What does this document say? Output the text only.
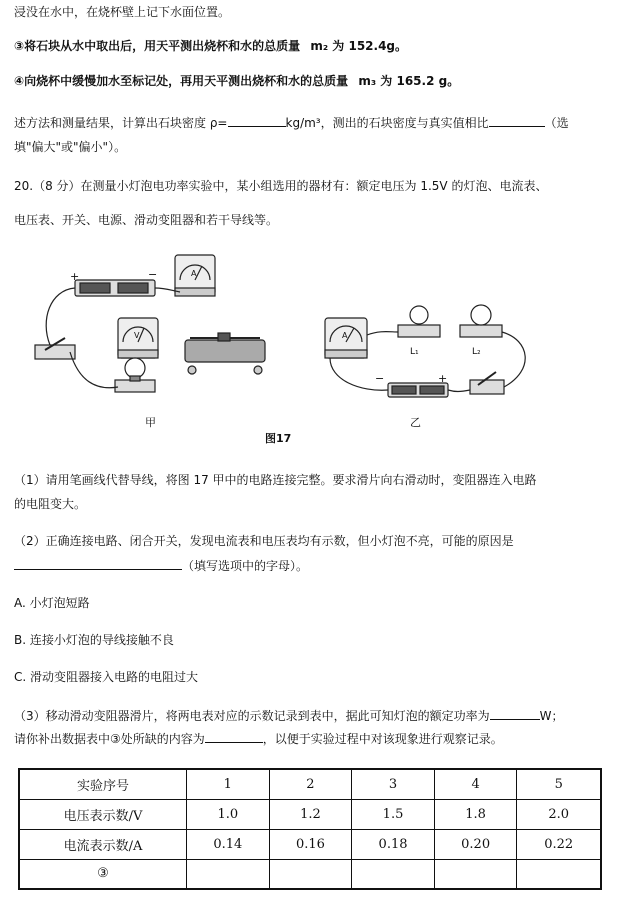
浸没在水中，在烧杯壁上记下水面位置。
③将石块从水中取出后，用天平测出烧杯和水的总质量 m₂ 为 152.4g。
④向烧杯中缓慢加水至标记处，再用天平测出烧杯和水的总质量 m₃ 为 165.2 g。
述方法和测量结果，计算出石块密度 ρ=	kg/m³，测出的石块密度与真实值相比	（选
填"偏大"或"偏小"）。
20.（8 分）在测量小灯泡电功率实验中，某小组选用的器材有：额定电压为 1.5V 的灯泡、电流表、
电压表、开关、电源、滑动变阻器和若干导线等。
+	−	A
V	A
−	+
L₁	L₂
甲	乙
图17
（1）请用笔画线代替导线，将图 17 甲中的电路连接完整。要求滑片向右滑动时，变阻器连入电路
的电阻变大。
（2）正确连接电路、闭合开关，发现电流表和电压表均有示数，但小灯泡不亮，可能的原因是
（填写选项中的字母）。
A. 小灯泡短路
B. 连接小灯泡的导线接触不良
C. 滑动变阻器接入电路的电阻过大
（3）移动滑动变阻器滑片，将两电表对应的示数记录到表中，据此可知灯泡的额定功率为	W；
请你补出数据表中③处所缺的内容为	，以便于实验过程中对该现象进行观察记录。
实验序号	1	2	3	4	5
电压表示数/V	1.0	1.2	1.5	1.8	2.0
电流表示数/A	0.14	0.16	0.18	0.20	0.22
③					
